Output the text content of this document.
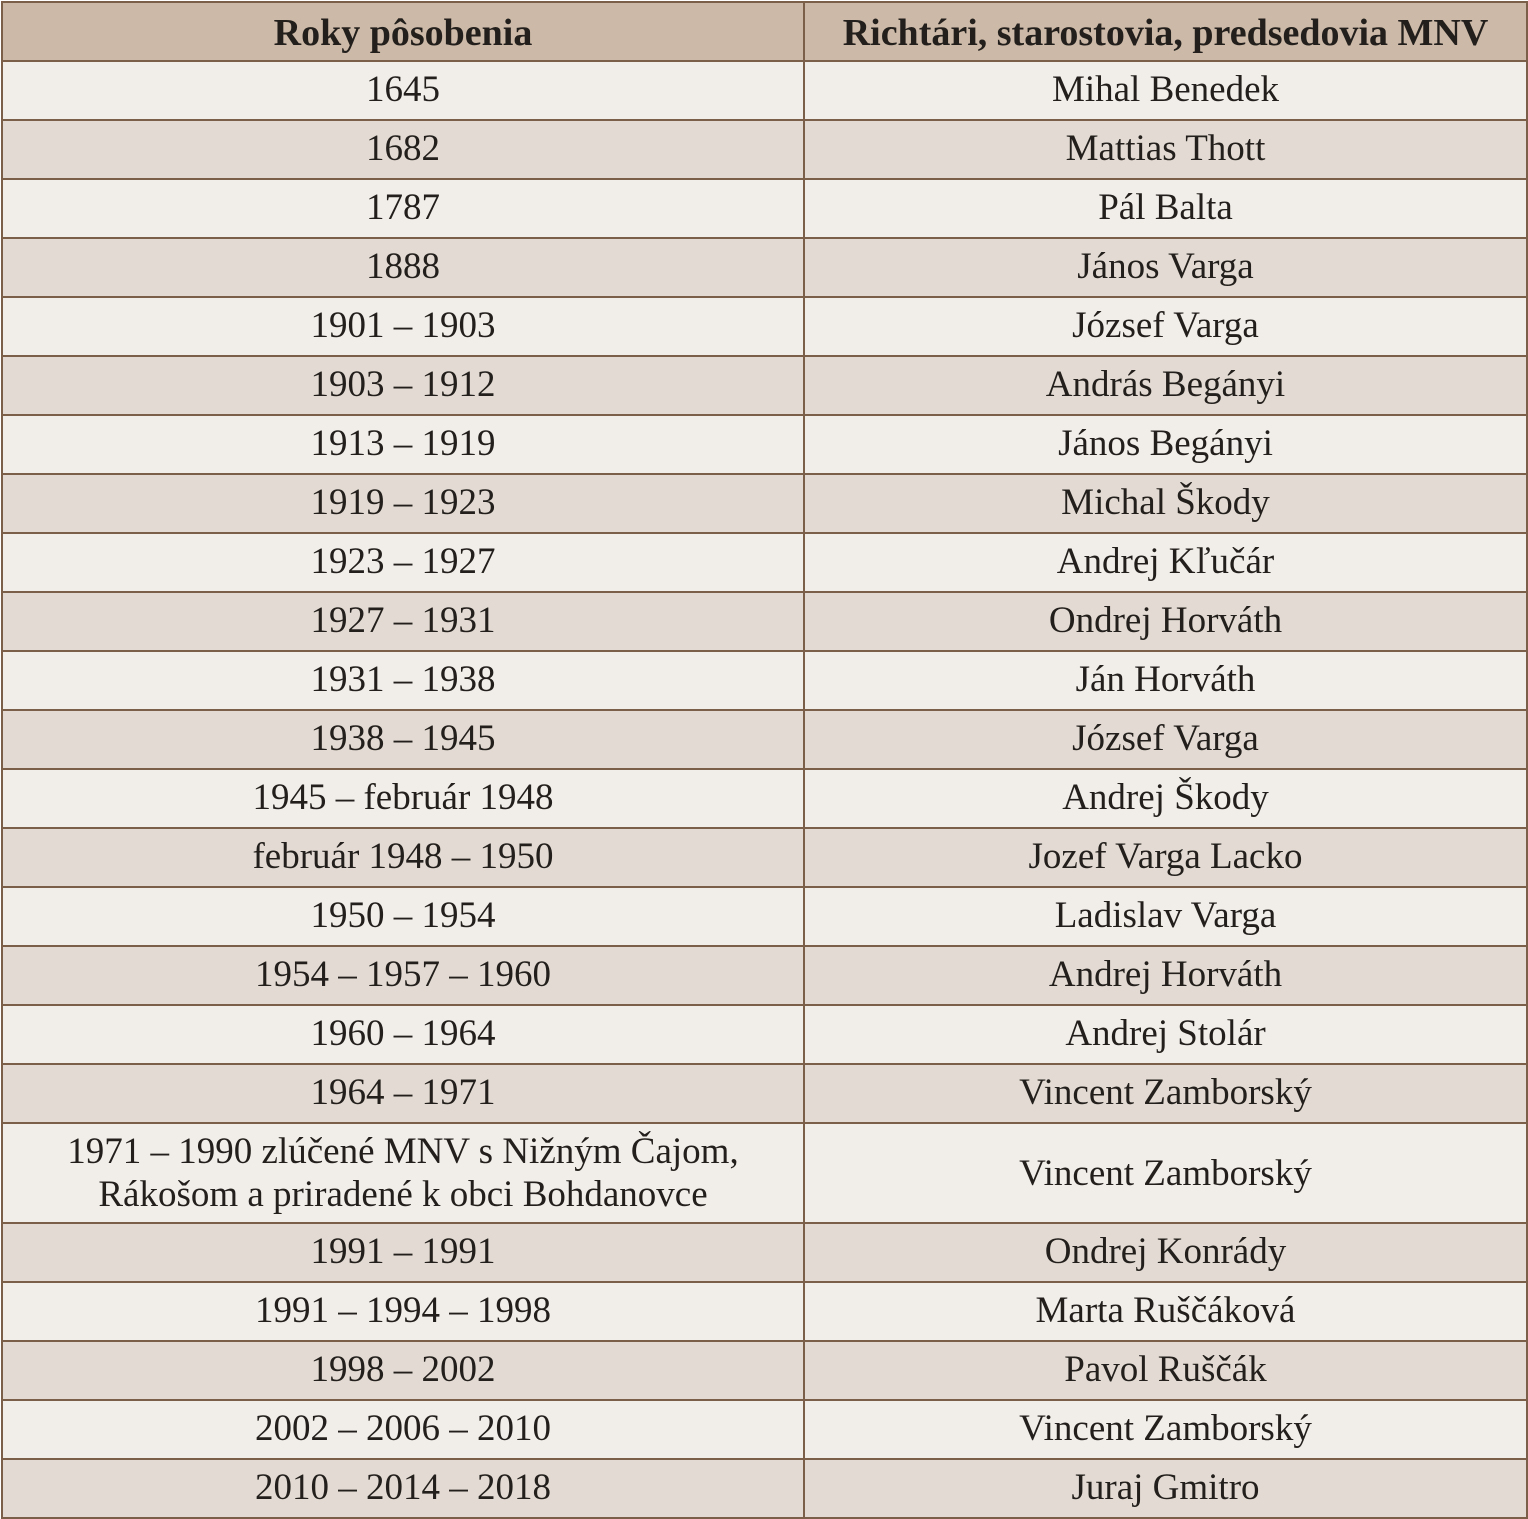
Roky pôsobenia	Richtári, starostovia, predsedovia MNV
1645	Mihal Benedek
1682	Mattias Thott
1787	Pál Balta
1888	János Varga
1901 – 1903	József Varga
1903 – 1912	András Begányi
1913 – 1919	János Begányi
1919 – 1923	Michal Škody
1923 – 1927	Andrej Kľučár
1927 – 1931	Ondrej Horváth
1931 – 1938	Ján Horváth
1938 – 1945	József Varga
1945 – február 1948	Andrej Škody
február 1948 – 1950	Jozef Varga Lacko
1950 – 1954	Ladislav Varga
1954 – 1957 – 1960	Andrej Horváth
1960 – 1964	Andrej Stolár
1964 – 1971	Vincent Zamborský

1971 – 1990 zlúčené MNV s Nižným Čajom,
Rákošom a priradené k obci Bohdanovce	Vincent Zamborský
1991 – 1991	Ondrej Konrády
1991 – 1994 – 1998	Marta Ruščáková
1998 – 2002	Pavol Ruščák
2002 – 2006 – 2010	Vincent Zamborský
2010 – 2014 – 2018	Juraj Gmitro
